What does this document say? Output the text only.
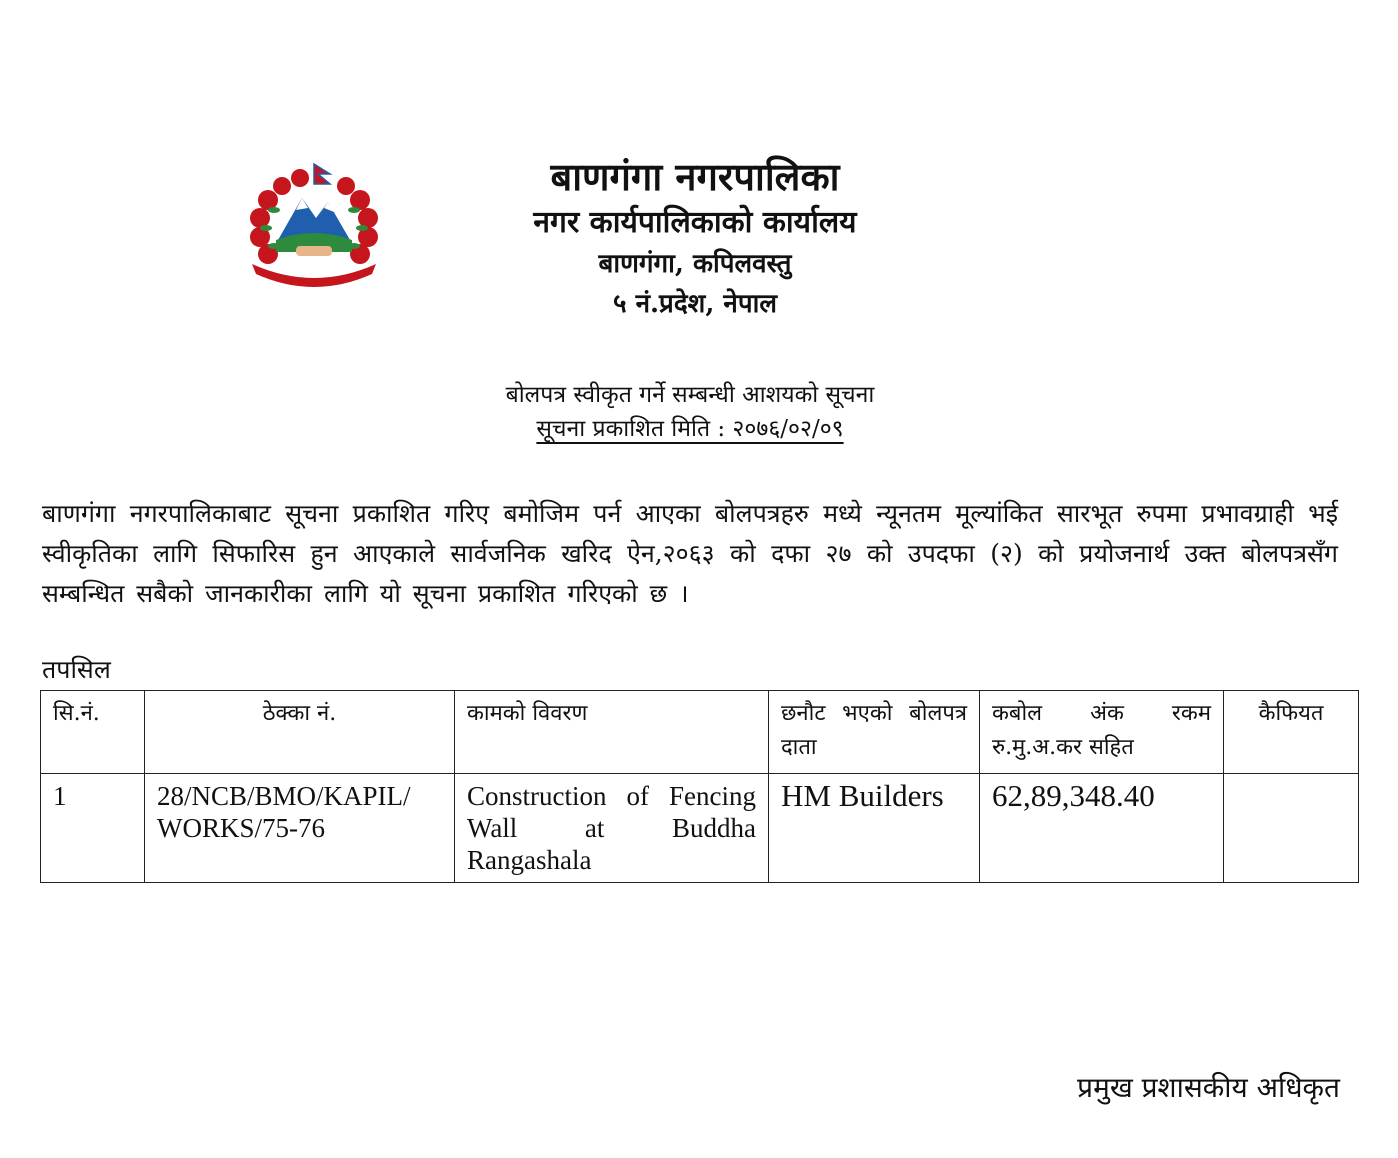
बाणगंगा नगरपालिका
नगर कार्यपालिकाको कार्यालय
बाणगंगा, कपिलवस्तु
५ नं.प्रदेश, नेपाल
बोलपत्र स्वीकृत गर्ने सम्बन्धी आशयको सूचना
सूचना प्रकाशित मिति : २०७६/०२/०९
बाणगंगा नगरपालिकाबाट सूचना प्रकाशित गरिए बमोजिम पर्न आएका बोलपत्रहरु मध्ये न्यूनतम मूल्यांकित सारभूत रुपमा प्रभावग्राही भई स्वीकृतिका लागि सिफारिस हुन आएकाले सार्वजनिक खरिद ऐन,२०६३ को दफा २७ को उपदफा (२) को प्रयोजनार्थ उक्त बोलपत्रसँग सम्बन्धित सबैको जानकारीका लागि यो सूचना प्रकाशित गरिएको छ ।
तपसिल
सि.नं.	ठेक्का नं.	कामको विवरण	छनौट भएको बोलपत्र दाता	कबोल अंक रकम रु.मु.अ.कर सहित	कैफियत
1	28/NCB/BMO/KAPIL/ WORKS/75-76	Construction of Fencing Wall at Buddha Rangashala	HM Builders	62,89,348.40	
प्रमुख प्रशासकीय अधिकृत
